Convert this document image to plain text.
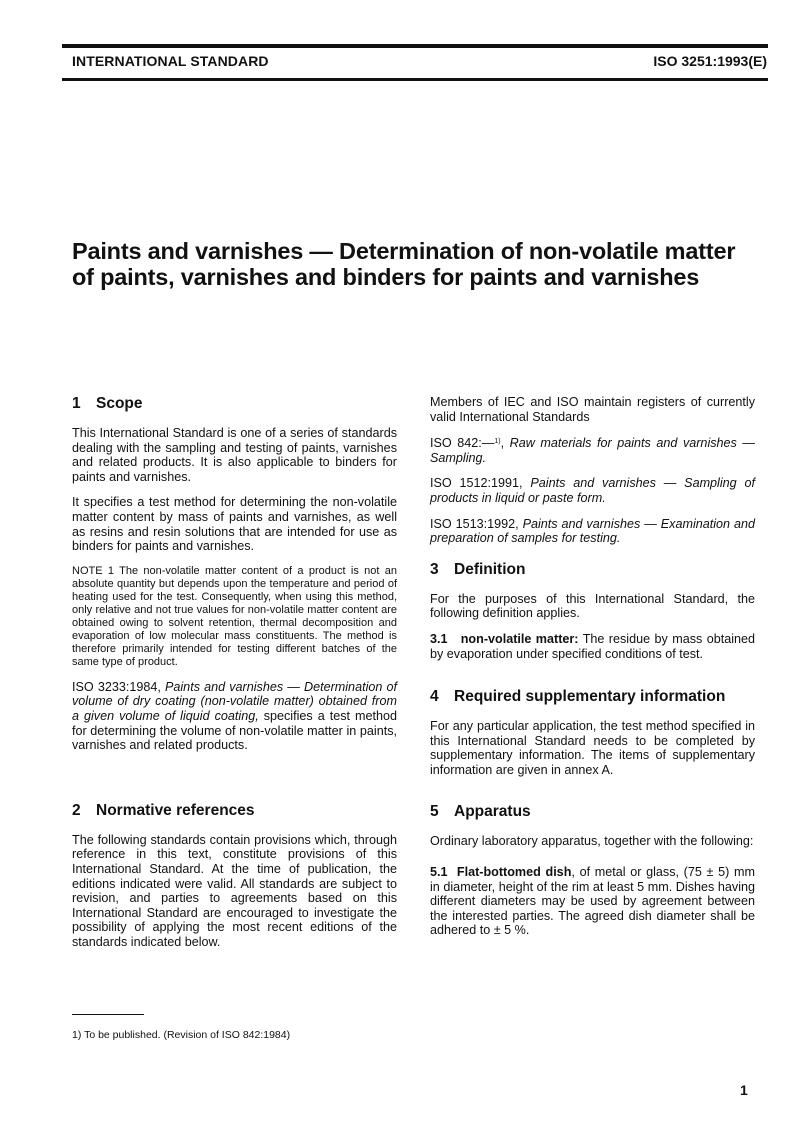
INTERNATIONAL STANDARD	ISO 3251:1993(E)
Paints and varnishes — Determination of non-volatile matter of paints, varnishes and binders for paints and varnishes
1 Scope

This International Standard is one of a series of standards dealing with the sampling and testing of paints, varnishes and related products. It is also applicable to binders for paints and varnishes.

It specifies a test method for determining the non-volatile matter content by mass of paints and varnishes, as well as resins and resin solutions that are intended for use as binders for paints and varnishes.

NOTE 1 The non-volatile matter content of a product is not an absolute quantity but depends upon the temperature and period of heating used for the test. Consequently, when using this method, only relative and not true values for non-volatile matter content are obtained owing to solvent retention, thermal decomposition and evaporation of low molecular mass constituents. The method is therefore primarily intended for testing different batches of the same type of product.

ISO 3233:1984, Paints and varnishes — Determination of volume of dry coating (non-volatile matter) obtained from a given volume of liquid coating, specifies a test method for determining the volume of non-volatile matter in paints, varnishes and related products.

2 Normative references

The following standards contain provisions which, through reference in this text, constitute provisions of this International Standard. At the time of publication, the editions indicated were valid. All standards are subject to revision, and parties to agreements based on this International Standard are encouraged to investigate the possibility of applying the most recent editions of the standards indicated below.

Members of IEC and ISO maintain registers of currently valid International Standards

ISO 842:—$^{1)}$, Raw materials for paints and varnishes — Sampling.

ISO 1512:1991, Paints and varnishes — Sampling of products in liquid or paste form.

ISO 1513:1992, Paints and varnishes — Examination and preparation of samples for testing.

3 Definition

For the purposes of this International Standard, the following definition applies.

3.1 non-volatile matter: The residue by mass obtained by evaporation under specified conditions of test.

4 Required supplementary information

For any particular application, the test method specified in this International Standard needs to be completed by supplementary information. The items of supplementary information are given in annex A.

5 Apparatus

Ordinary laboratory apparatus, together with the following:

5.1 Flat-bottomed dish, of metal or glass, (75 ± 5) mm in diameter, height of the rim at least 5 mm. Dishes having different diameters may be used by agreement between the interested parties. The agreed dish diameter shall be adhered to ± 5 %.

1) To be published. (Revision of ISO 842:1984)
1
